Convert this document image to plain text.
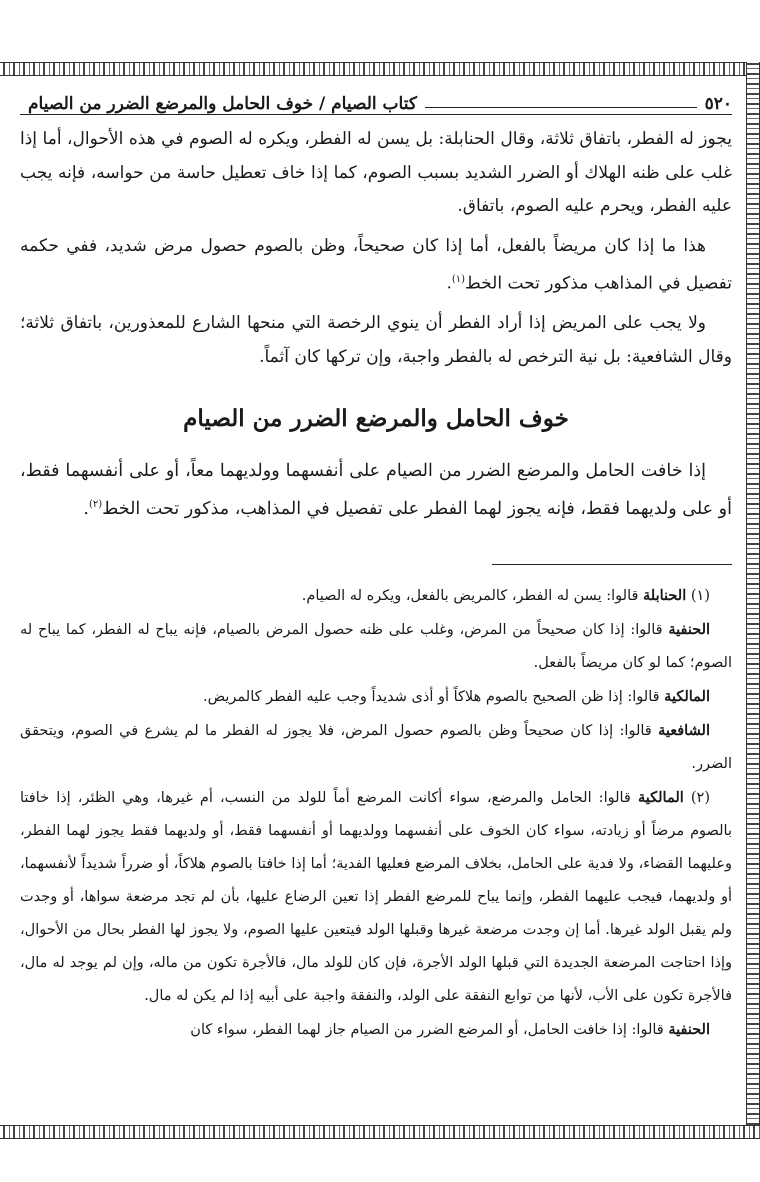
٥٢٠
كتاب الصيام / خوف الحامل والمرضع الضرر من الصيام

يجوز له الفطر، باتفاق ثلاثة، وقال الحنابلة: بل يسن له الفطر، ويكره له الصوم في هذه الأحوال، أما إذا غلب على ظنه الهلاك أو الضرر الشديد بسبب الصوم، كما إذا خاف تعطيل حاسة من حواسه، فإنه يجب عليه الفطر، ويحرم عليه الصوم، باتفاق.

هذا ما إذا كان مريضاً بالفعل، أما إذا كان صحيحاً، وظن بالصوم حصول مرض شديد، ففي حكمه تفصيل في المذاهب مذكور تحت الخط$^{(١)}$.

ولا يجب على المريض إذا أراد الفطر أن ينوي الرخصة التي منحها الشارع للمعذورين، باتفاق ثلاثة؛ وقال الشافعية: بل نية الترخص له بالفطر واجبة، وإن تركها كان آثماً.

خوف الحامل والمرضع الضرر من الصيام

إذا خافت الحامل والمرضع الضرر من الصيام على أنفسهما وولديهما معاً، أو على أنفسهما فقط، أو على ولديهما فقط، فإنه يجوز لهما الفطر على تفصيل في المذاهب، مذكور تحت الخط$^{(٢)}$.

(١) الحنابلة قالوا: يسن له الفطر، كالمريض بالفعل، ويكره له الصيام.

الحنفية قالوا: إذا كان صحيحاً من المرض، وغلب على ظنه حصول المرض بالصيام، فإنه يباح له الفطر، كما يباح له الصوم؛ كما لو كان مريضاً بالفعل.

المالكية قالوا: إذا ظن الصحيح بالصوم هلاكاً أو أذى شديداً وجب عليه الفطر كالمريض.

الشافعية قالوا: إذا كان صحيحاً وظن بالصوم حصول المرض، فلا يجوز له الفطر ما لم يشرع في الصوم، ويتحقق الضرر.

(٢) المالكية قالوا: الحامل والمرضع، سواء أكانت المرضع أماً للولد من النسب، أم غيرها، وهي الظئر، إذا خافتا بالصوم مرضاً أو زيادته، سواء كان الخوف على أنفسهما وولديهما أو أنفسهما فقط، أو ولديهما فقط يجوز لهما الفطر، وعليهما القضاء، ولا فدية على الحامل، بخلاف المرضع فعليها الفدية؛ أما إذا خافتا بالصوم هلاكاً، أو ضرراً شديداً لأنفسهما، أو ولديهما، فيجب عليهما الفطر، وإنما يباح للمرضع الفطر إذا تعين الرضاع عليها، بأن لم تجد مرضعة سواها، أو وجدت ولم يقبل الولد غيرها. أما إن وجدت مرضعة غيرها وقبلها الولد فيتعين عليها الصوم، ولا يجوز لها الفطر بحال من الأحوال، وإذا احتاجت المرضعة الجديدة التي قبلها الولد الأجرة، فإن كان للولد مال، فالأجرة تكون من ماله، وإن لم يوجد له مال، فالأجرة تكون على الأب، لأنها من توابع النفقة على الولد، والنفقة واجبة على أبيه إذا لم يكن له مال.

الحنفية قالوا: إذا خافت الحامل، أو المرضع الضرر من الصيام جاز لهما الفطر، سواء كان
